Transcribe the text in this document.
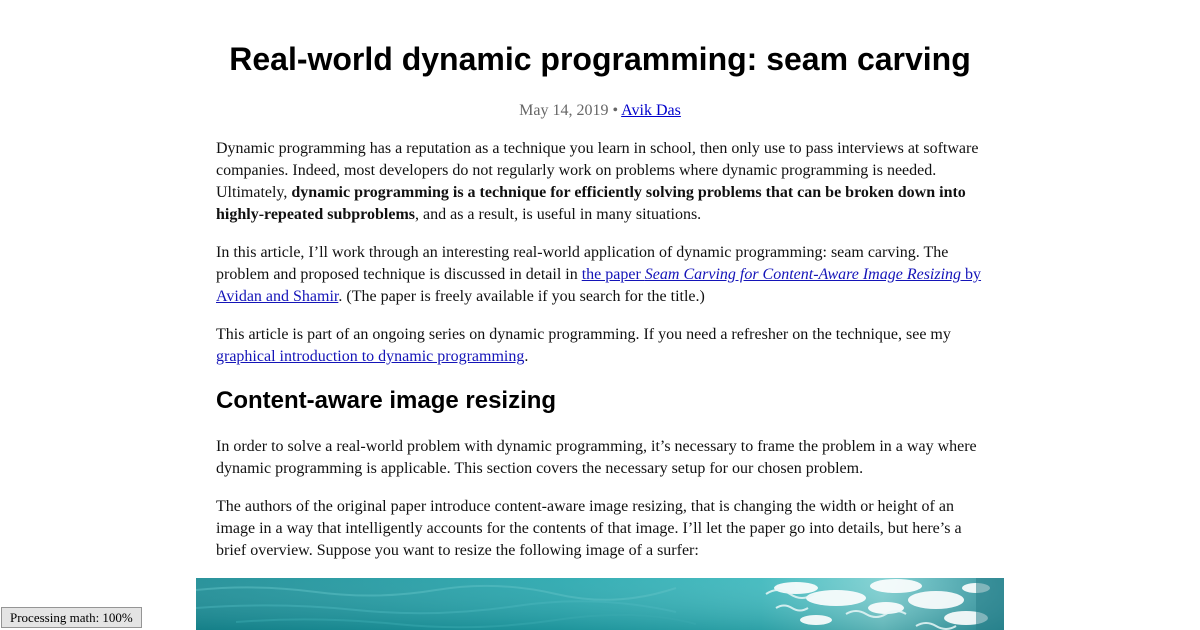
Real-world dynamic programming: seam carving
May 14, 2019 • Avik Das

Dynamic programming has a reputation as a technique you learn in school, then only use to pass interviews at software companies. Indeed, most developers do not regularly work on problems where dynamic programming is needed. Ultimately, dynamic programming is a technique for efficiently solving problems that can be broken down into highly-repeated subproblems, and as a result, is useful in many situations.

In this article, I’ll work through an interesting real-world application of dynamic programming: seam carving. The problem and proposed technique is discussed in detail in the paper Seam Carving for Content-Aware Image Resizing by Avidan and Shamir. (The paper is freely available if you search for the title.)

This article is part of an ongoing series on dynamic programming. If you need a refresher on the technique, see my graphical introduction to dynamic programming.

Content-aware image resizing

In order to solve a real-world problem with dynamic programming, it’s necessary to frame the problem in a way where dynamic programming is applicable. This section covers the necessary setup for our chosen problem.

The authors of the original paper introduce content-aware image resizing, that is changing the width or height of an image in a way that intelligently accounts for the contents of that image. I’ll let the paper go into details, but here’s a brief overview. Suppose you want to resize the following image of a surfer:

Processing math: 100%
